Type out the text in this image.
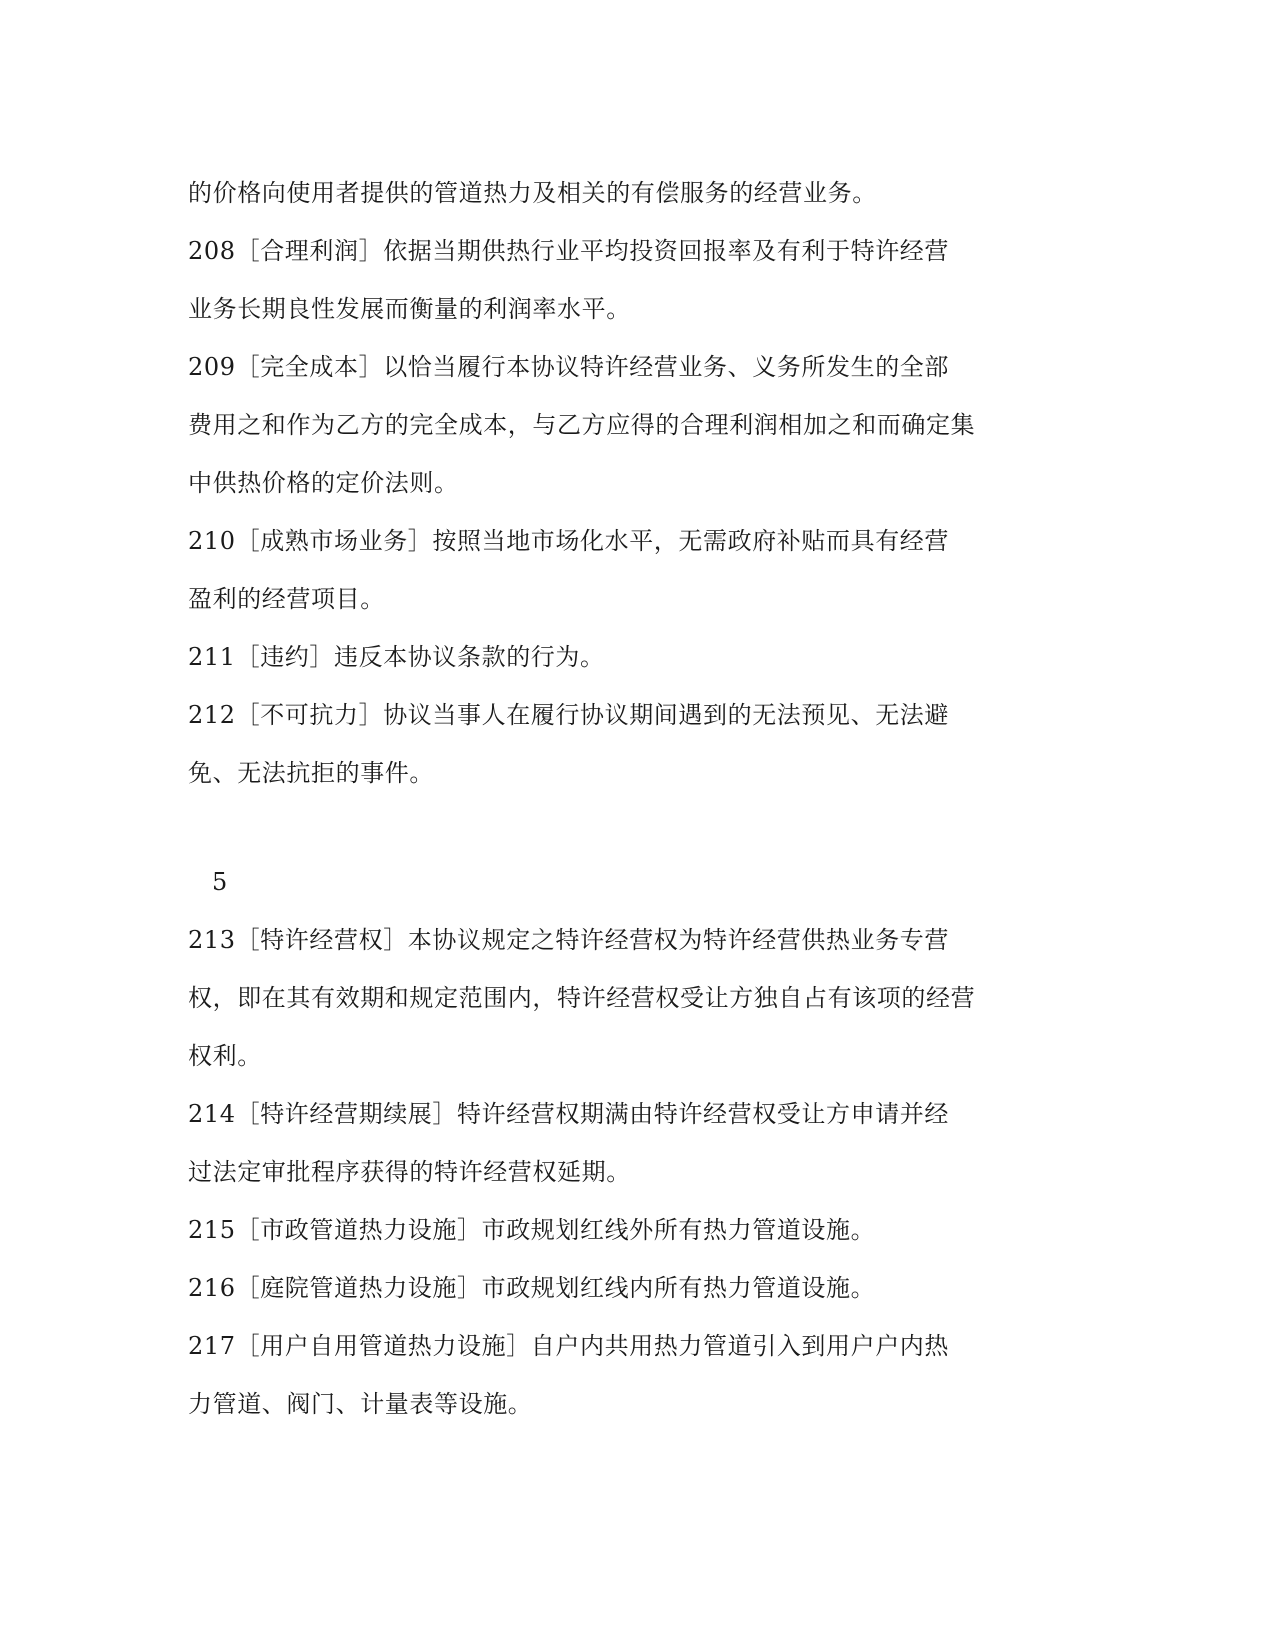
的价格向使用者提供的管道热力及相关的有偿服务的经营业务。
208［合理利润］依据当期供热行业平均投资回报率及有利于特许经营
业务长期良性发展而衡量的利润率水平。
209［完全成本］以恰当履行本协议特许经营业务、义务所发生的全部
费用之和作为乙方的完全成本，与乙方应得的合理利润相加之和而确定集
中供热价格的定价法则。
210［成熟市场业务］按照当地市场化水平，无需政府补贴而具有经营
盈利的经营项目。
211［违约］违反本协议条款的行为。
212［不可抗力］协议当事人在履行协议期间遇到的无法预见、无法避
免、无法抗拒的事件。
5
213［特许经营权］本协议规定之特许经营权为特许经营供热业务专营
权，即在其有效期和规定范围内，特许经营权受让方独自占有该项的经营
权利。
214［特许经营期续展］特许经营权期满由特许经营权受让方申请并经
过法定审批程序获得的特许经营权延期。
215［市政管道热力设施］市政规划红线外所有热力管道设施。
216［庭院管道热力设施］市政规划红线内所有热力管道设施。
217［用户自用管道热力设施］自户内共用热力管道引入到用户户内热
力管道、阀门、计量表等设施。
